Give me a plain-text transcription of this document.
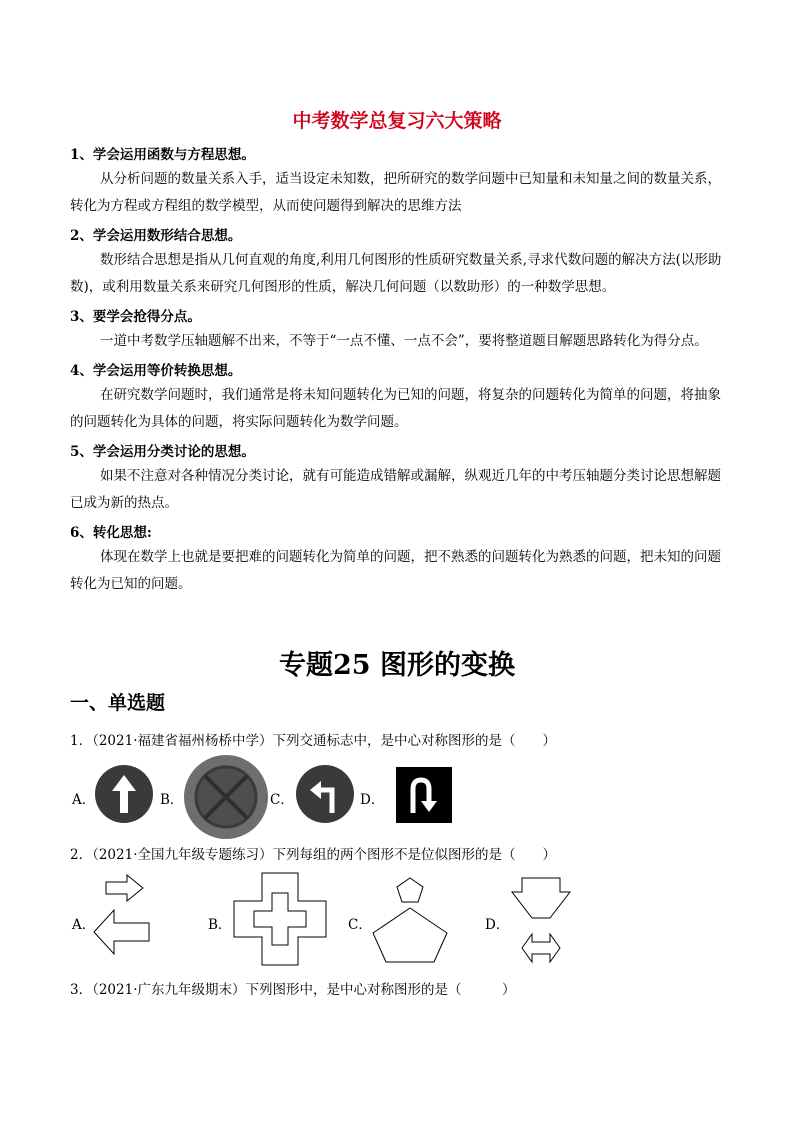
中考数学总复习六大策略
1、学会运用函数与方程思想。
从分析问题的数量关系入手，适当设定未知数，把所研究的数学问题中已知量和未知量之间的数量关系，转化为方程或方程组的数学模型，从而使问题得到解决的思维方法
2、学会运用数形结合思想。
数形结合思想是指从几何直观的角度,利用几何图形的性质研究数量关系,寻求代数问题的解决方法(以形助数)，或利用数量关系来研究几何图形的性质，解决几何问题（以数助形）的一种数学思想。
3、要学会抢得分点。
一道中考数学压轴题解不出来，不等于“一点不懂、一点不会”，要将整道题目解题思路转化为得分点。
4、学会运用等价转换思想。
在研究数学问题时，我们通常是将未知问题转化为已知的问题，将复杂的问题转化为简单的问题，将抽象的问题转化为具体的问题，将实际问题转化为数学问题。
5、学会运用分类讨论的思想。
如果不注意对各种情况分类讨论，就有可能造成错解或漏解，纵观近几年的中考压轴题分类讨论思想解题已成为新的热点。
6、转化思想:
体现在数学上也就是要把难的问题转化为简单的问题，把不熟悉的问题转化为熟悉的问题，把未知的问题转化为已知的问题。
专题25 图形的变换
一、单选题
1．（2021·福建省福州杨桥中学）下列交通标志中，是中心对称图形的是（　　）
A．	B．	C．	D．
2．（2021·全国九年级专题练习）下列每组的两个图形不是位似图形的是（　　）
A．	B．	C．	D．
3．（2021·广东九年级期末）下列图形中，是中心对称图形的是（　　　）
